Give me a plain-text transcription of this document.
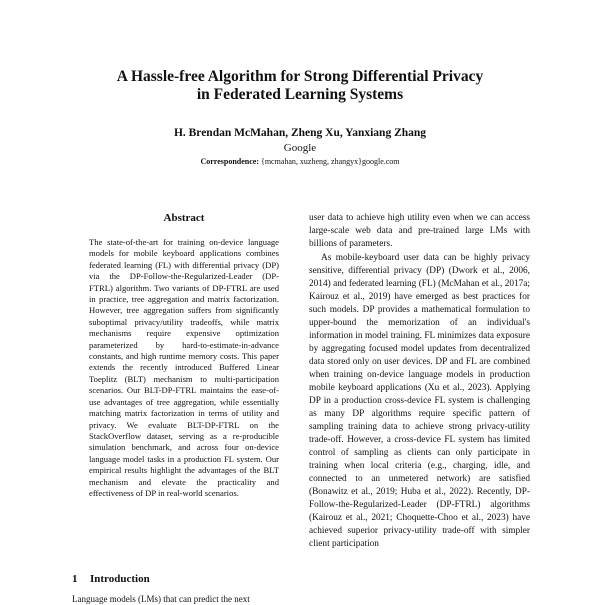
A Hassle-free Algorithm for Strong Differential Privacy
in Federated Learning Systems
H. Brendan McMahan, Zheng Xu, Yanxiang Zhang
Google
Correspondence: {mcmahan, xuzheng, zhangyx}google.com
Abstract
The state-of-the-art for training on-device language models for mobile keyboard applications combines federated learning (FL) with differential privacy (DP) via the DP-Follow-the-Regularized-Leader (DP-FTRL) algorithm. Two variants of DP-FTRL are used in practice, tree aggregation and matrix factorization. However, tree aggregation suffers from significantly suboptimal privacy/utility tradeoffs, while matrix mechanisms require expensive optimization parameterized by hard-to-estimate-in-advance constants, and high runtime memory costs. This paper extends the recently introduced Buffered Linear Toeplitz (BLT) mechanism to multi-participation scenarios. Our BLT-DP-FTRL maintains the ease-of-use advantages of tree aggregation, while essentially matching matrix factorization in terms of utility and privacy. We evaluate BLT-DP-FTRL on the StackOverflow dataset, serving as a re-producible simulation benchmark, and across four on-device language model tasks in a production FL system. Our empirical results highlight the advantages of the BLT mechanism and elevate the practicality and effectiveness of DP in real-world scenarios.
1 Introduction
Language models (LMs) that can predict the next

user data to achieve high utility even when we can access large-scale web data and pre-trained large LMs with billions of parameters.

As mobile-keyboard user data can be highly privacy sensitive, differential privacy (DP) (Dwork et al., 2006, 2014) and federated learning (FL) (McMahan et al., 2017a; Kairouz et al., 2019) have emerged as best practices for such models. DP provides a mathematical formulation to upper-bound the memorization of an individual's information in model training. FL minimizes data exposure by aggregating focused model updates from decentralized data stored only on user devices. DP and FL are combined when training on-device language models in production mobile keyboard applications (Xu et al., 2023). Applying DP in a production cross-device FL system is challenging as many DP algorithms require specific pattern of sampling training data to achieve strong privacy-utility trade-off. However, a cross-device FL system has limited control of sampling as clients can only participate in training when local criteria (e.g., charging, idle, and connected to an unmetered network) are satisfied (Bonawitz et al., 2019; Huba et al., 2022). Recently, DP-Follow-the-Regularized-Leader (DP-FTRL) algorithms (Kairouz et al., 2021; Choquette-Choo et al., 2023) have achieved superior privacy-utility trade-off with simpler client participation
